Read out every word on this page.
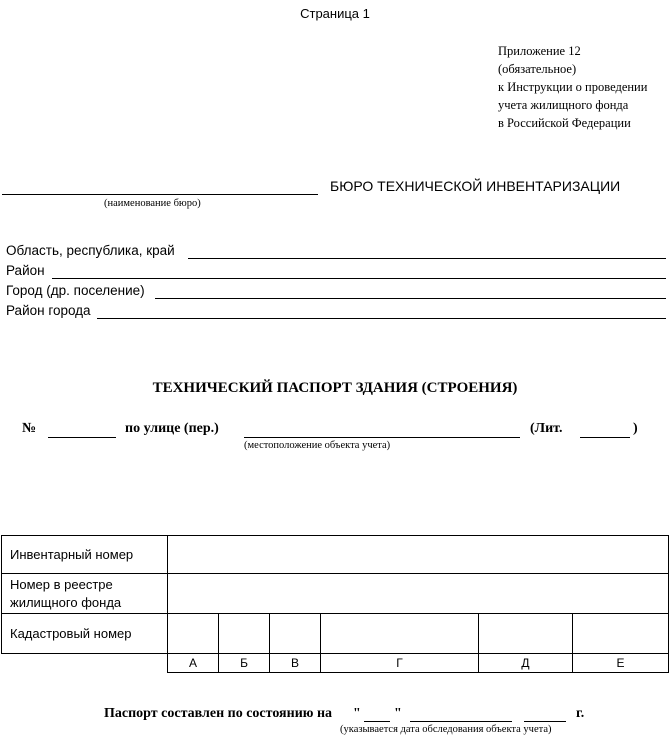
Страница 1
Приложение 12
(обязательное)
к Инструкции о проведении
учета жилищного фонда
в Российской Федерации
БЮРО ТЕХНИЧЕСКОЙ ИНВЕНТАРИЗАЦИИ
(наименование бюро)
Область, республика, край
Район
Город (др. поселение)
Район города
ТЕХНИЧЕСКИЙ ПАСПОРТ ЗДАНИЯ (СТРОЕНИЯ)
№	по улице (пер.)	(Лит.	)
(местоположение объекта учета)
Инвентарный номер						

Номер в реестре
жилищного фонда						

Кадастровый номер						
	А	Б	В	Г	Д	Е
Паспорт составлен по состоянию на " "	г.
(указывается дата обследования объекта учета)
